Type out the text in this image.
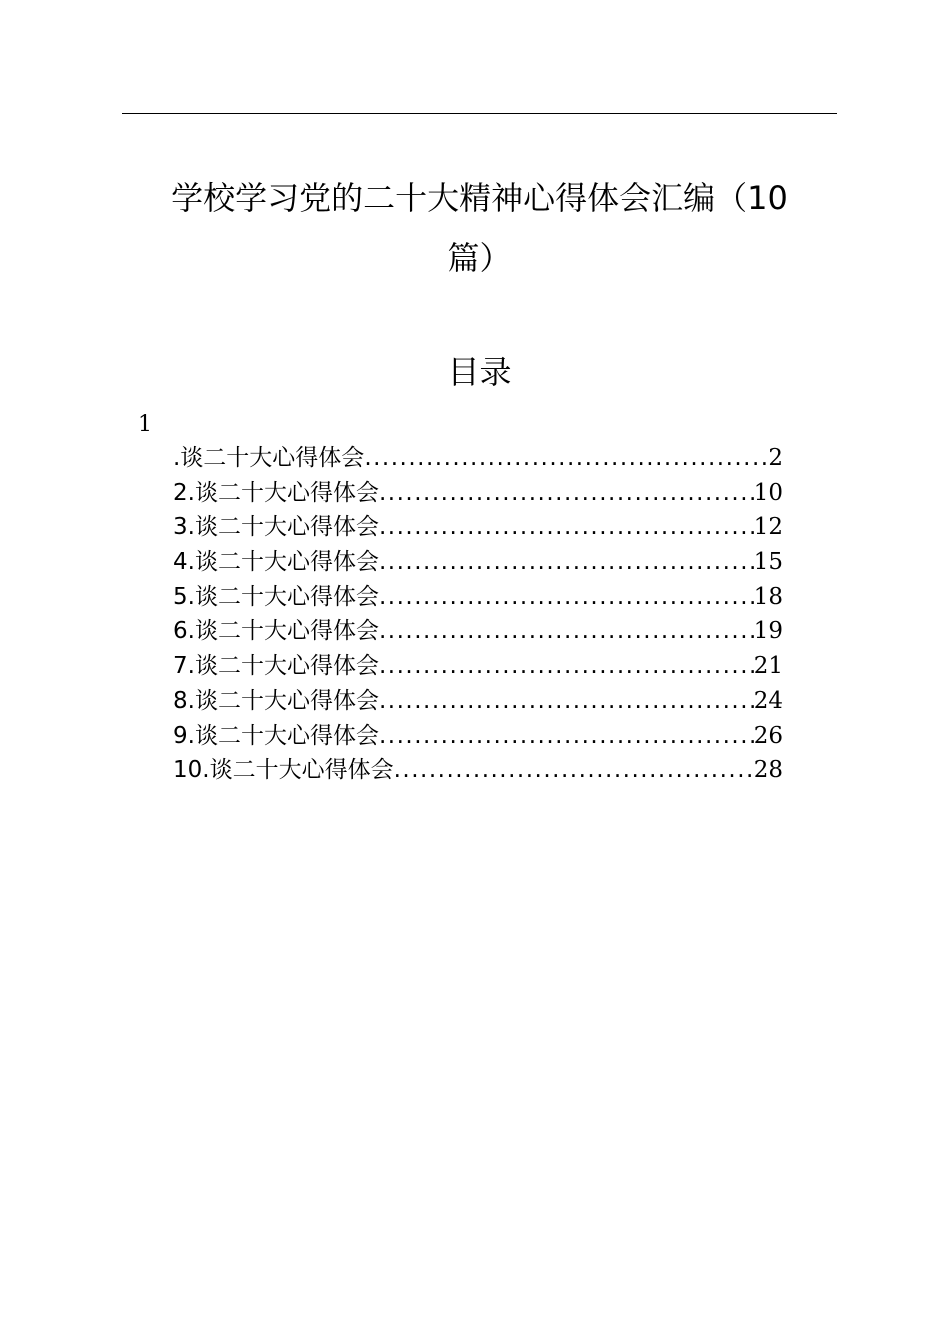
学校学习党的二十大精神心得体会汇编（10
篇）
目录
1
.谈二十大心得体会 .....	2
2.谈二十大心得体会 .....	10
3.谈二十大心得体会 .....	12
4.谈二十大心得体会 .....	15
5.谈二十大心得体会 .....	18
6.谈二十大心得体会 .....	19
7.谈二十大心得体会 .....	21
8.谈二十大心得体会 .....	24
9.谈二十大心得体会 .....	26
10.谈二十大心得体会 .....	28
